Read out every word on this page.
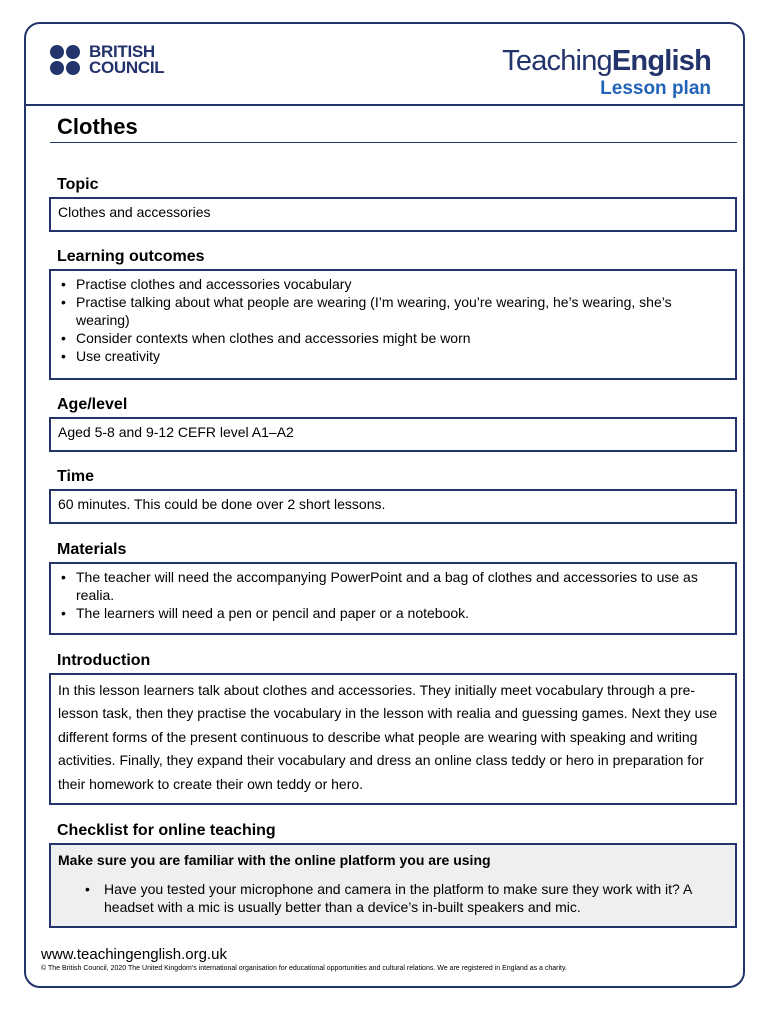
BRITISH
COUNCIL	TeachingEnglish
Lesson plan
Clothes
Topic

Clothes and accessories

Learning outcomes
• Practise clothes and accessories vocabulary
• Practise talking about what people are wearing (I’m wearing, you’re wearing, he’s wearing, she’s wearing)
• Consider contexts when clothes and accessories might be worn
• Use creativity
Age/level

Aged 5-8 and 9-12 CEFR level A1–A2

Time

60 minutes. This could be done over 2 short lessons.

Materials
• The teacher will need the accompanying PowerPoint and a bag of clothes and accessories to use as realia.
• The learners will need a pen or pencil and paper or a notebook.
Introduction

In this lesson learners talk about clothes and accessories. They initially meet vocabulary through a pre-lesson task, then they practise the vocabulary in the lesson with realia and guessing games. Next they use different forms of the present continuous to describe what people are wearing with speaking and writing activities. Finally, they expand their vocabulary and dress an online class teddy or hero in preparation for their homework to create their own teddy or hero.

Checklist for online teaching

Make sure you are familiar with the online platform you are using

• Have you tested your microphone and camera in the platform to make sure they work with it? A headset with a mic is usually better than a device’s in-built speakers and mic.
www.teachingenglish.org.uk
© The British Council, 2020 The United Kingdom’s international organisation for educational opportunities and cultural relations. We are registered in England as a charity.
